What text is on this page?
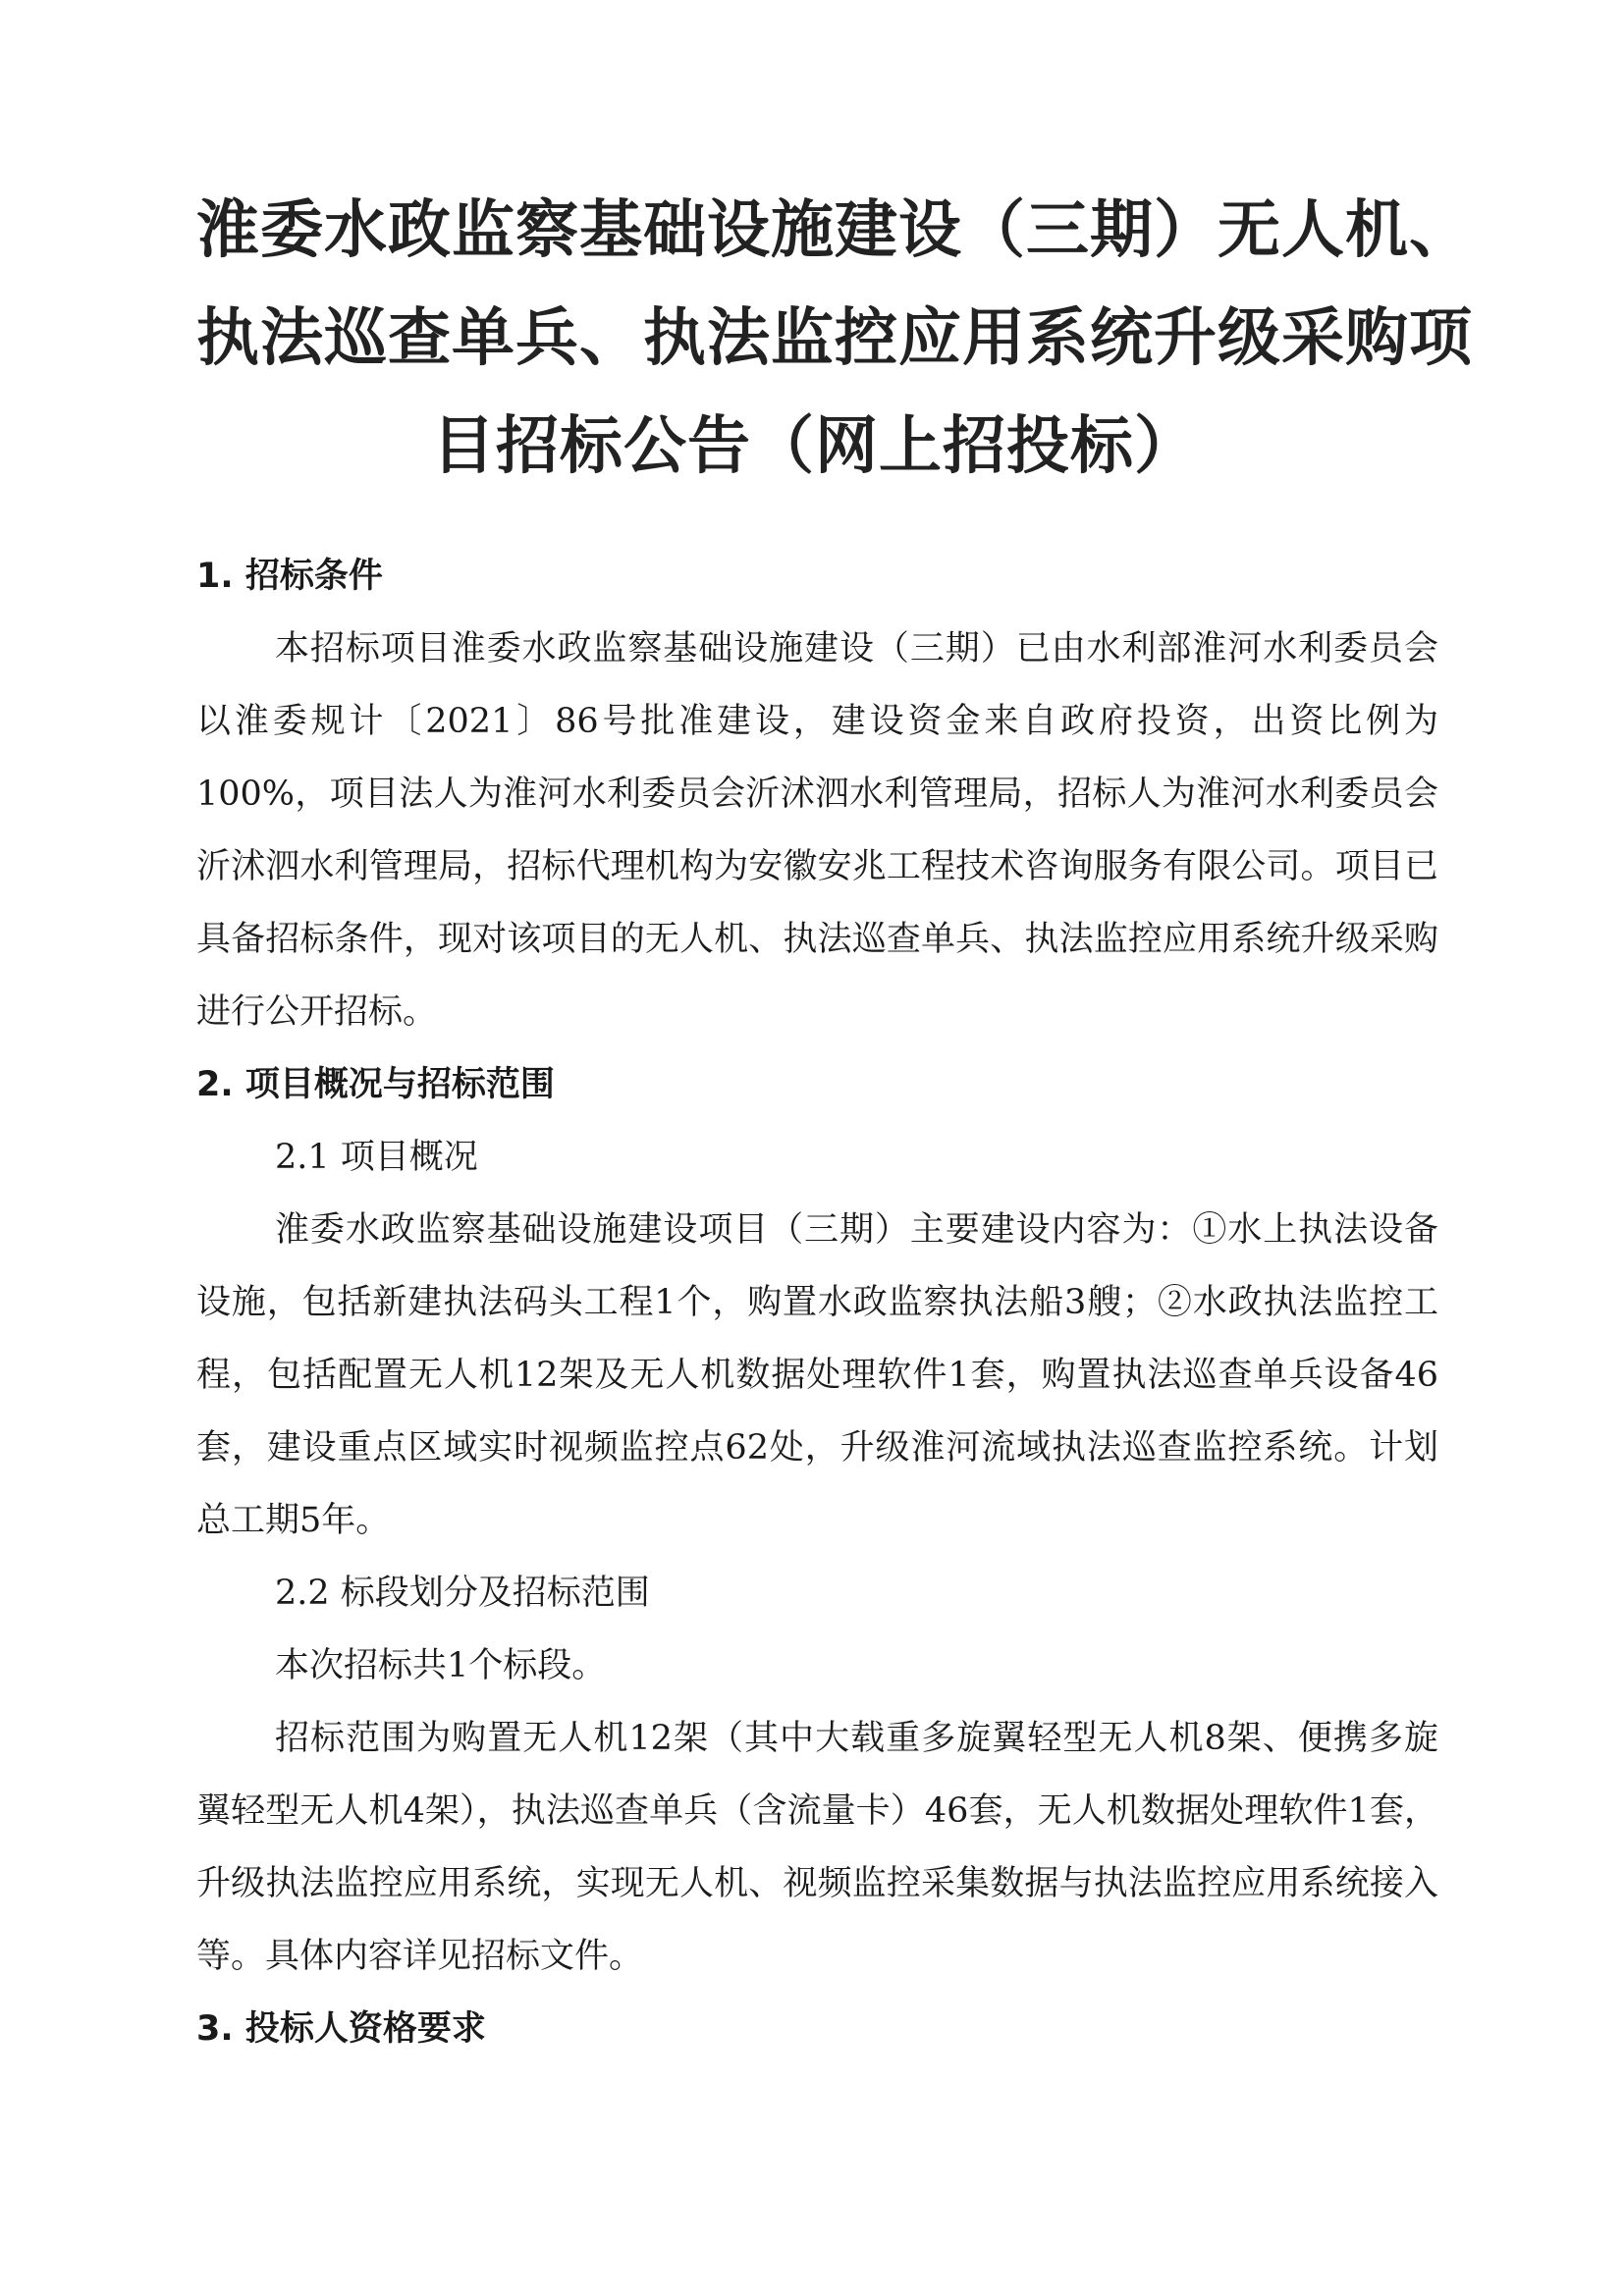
淮委水政监察基础设施建设（三期）无人机、
执法巡查单兵、执法监控应用系统升级采购项
目招标公告（网上招投标）

1. 招标条件

本招标项目淮委水政监察基础设施建设（三期）已由水利部淮河水利委员会以淮委规计〔2021〕86号批准建设，建设资金来自政府投资，出资比例为100%，项目法人为淮河水利委员会沂沭泗水利管理局，招标人为淮河水利委员会沂沭泗水利管理局，招标代理机构为安徽安兆工程技术咨询服务有限公司。项目已具备招标条件，现对该项目的无人机、执法巡查单兵、执法监控应用系统升级采购进行公开招标。

2. 项目概况与招标范围

2.1 项目概况

淮委水政监察基础设施建设项目（三期）主要建设内容为：①水上执法设备设施，包括新建执法码头工程1个，购置水政监察执法船3艘；②水政执法监控工程，包括配置无人机12架及无人机数据处理软件1套，购置执法巡查单兵设备46套，建设重点区域实时视频监控点62处，升级淮河流域执法巡查监控系统。计划总工期5年。

2.2 标段划分及招标范围

本次招标共1个标段。

招标范围为购置无人机12架（其中大载重多旋翼轻型无人机8架、便携多旋翼轻型无人机4架），执法巡查单兵（含流量卡）46套，无人机数据处理软件1套，升级执法监控应用系统，实现无人机、视频监控采集数据与执法监控应用系统接入等。具体内容详见招标文件。

3. 投标人资格要求
